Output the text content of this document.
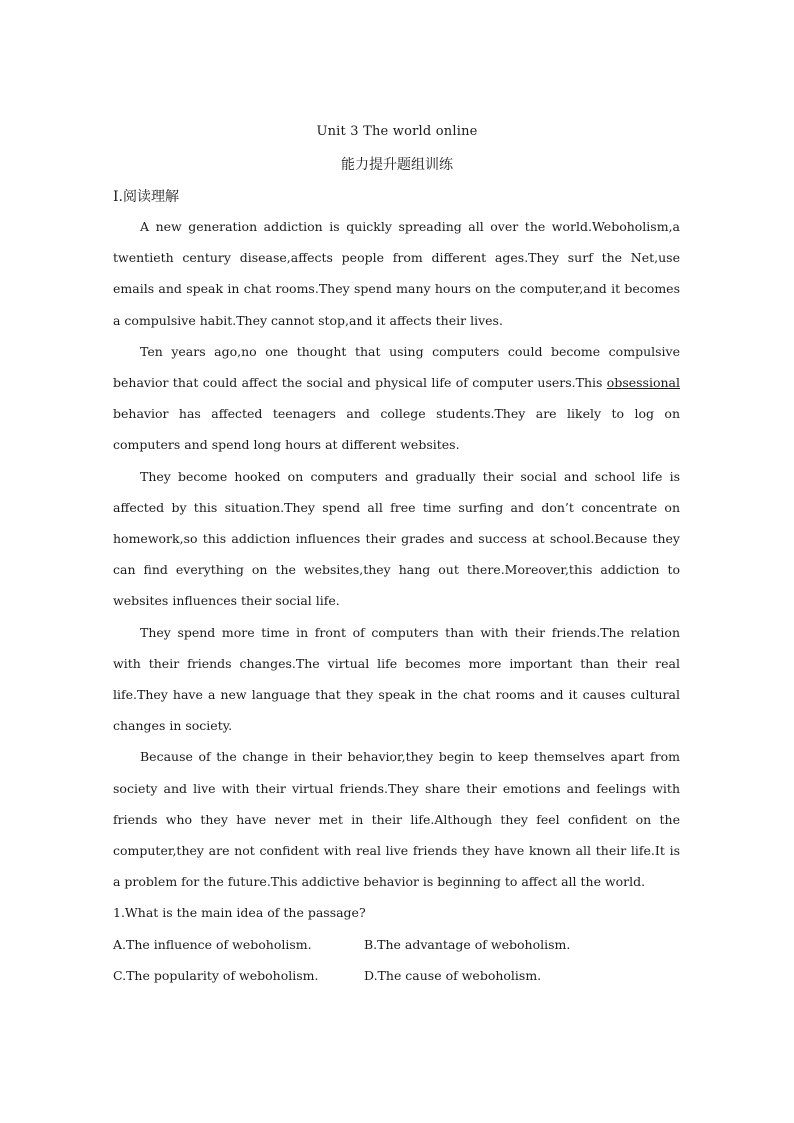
Unit 3 The world online
能力提升题组训练
Ⅰ.阅读理解

A new generation addiction is quickly spreading all over the world.Weboholism,a twentieth century disease,affects people from different ages.They surf the Net,use emails and speak in chat rooms.They spend many hours on the computer,and it becomes a compulsive habit.They cannot stop,and it affects their lives.

Ten years ago,no one thought that using computers could become compulsive behavior that could affect the social and physical life of computer users.This obsessional behavior has affected teenagers and college students.They are likely to log on computers and spend long hours at different websites.

They become hooked on computers and gradually their social and school life is affected by this situation.They spend all free time surfing and don’t concentrate on homework,so this addiction influences their grades and success at school.Because they can find everything on the websites,they hang out there.Moreover,this addiction to websites influences their social life.

They spend more time in front of computers than with their friends.The relation with their friends changes.The virtual life becomes more important than their real life.They have a new language that they speak in the chat rooms and it causes cultural changes in society.

Because of the change in their behavior,they begin to keep themselves apart from society and live with their virtual friends.They share their emotions and feelings with friends who they have never met in their life.Although they feel confident on the computer,they are not confident with real live friends they have known all their life.It is a problem for the future.This addictive behavior is beginning to affect all the world.

1.What is the main idea of the passage?

A.The influence of weboholism.	B.The advantage of weboholism.
C.The popularity of weboholism.	D.The cause of weboholism.
